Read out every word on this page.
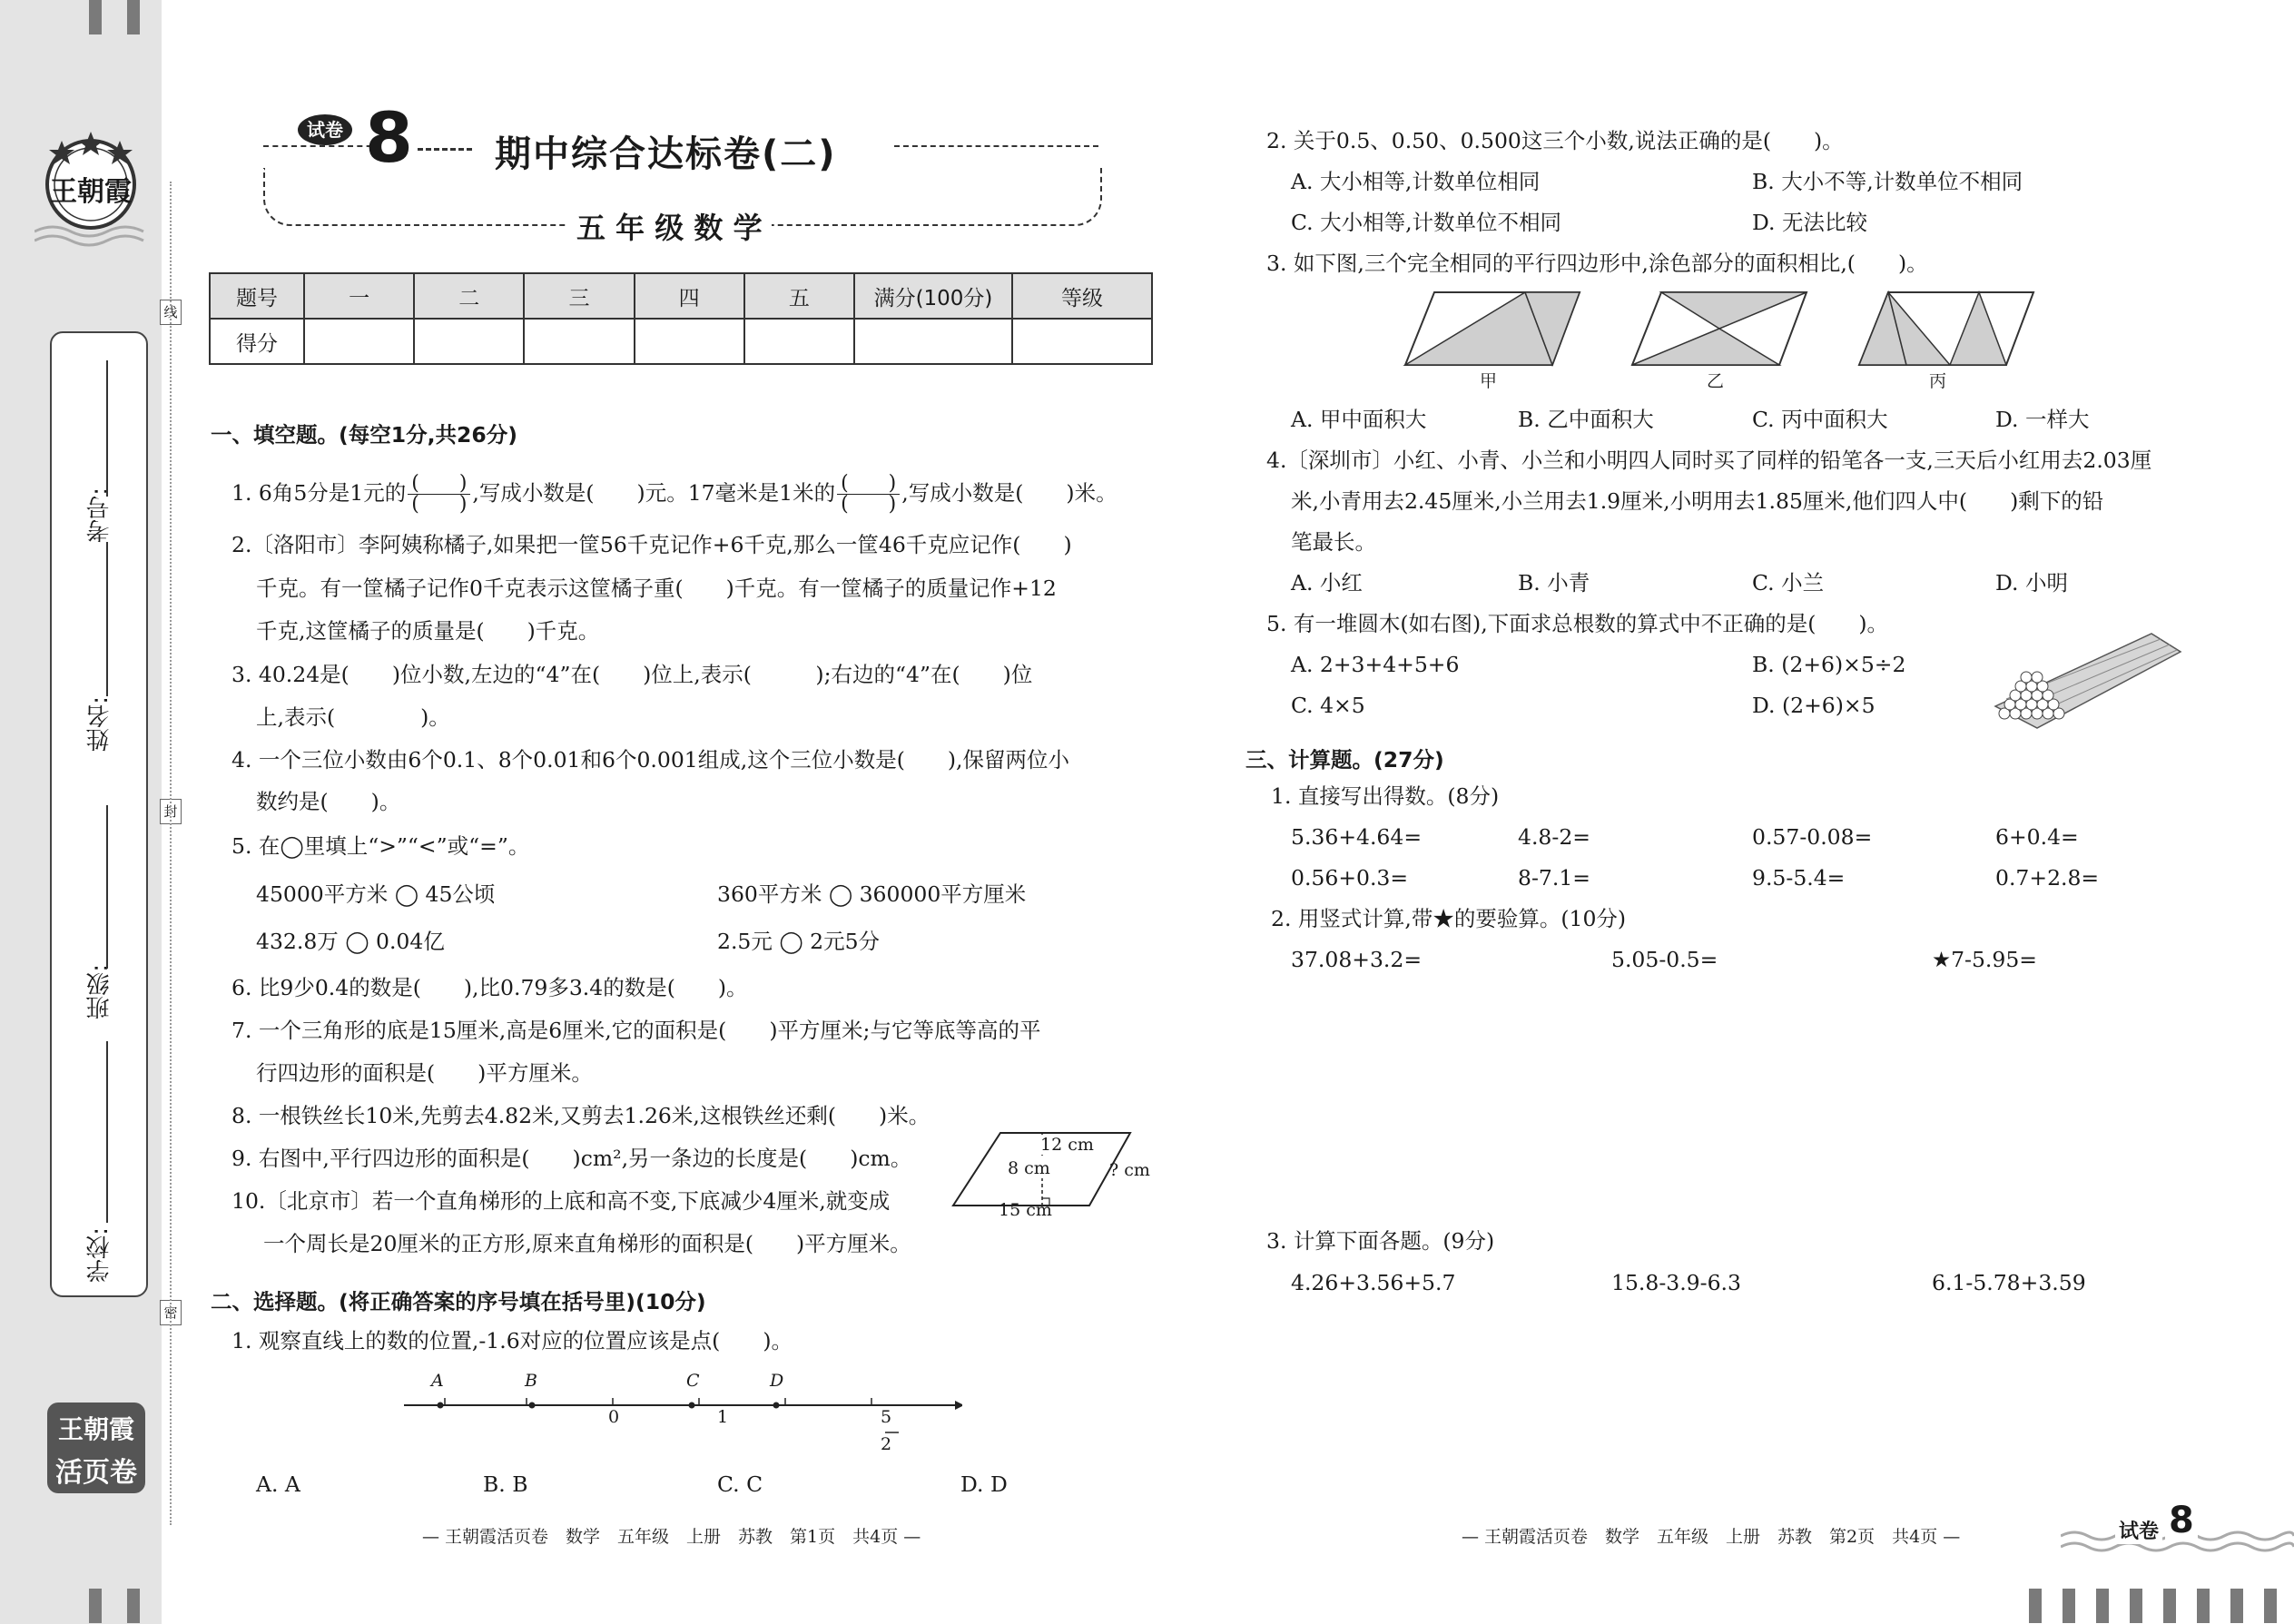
王朝霞
线
封
密
王朝霞
活页卷
考号:
姓名:
班级:
学校:
试卷 8 期中综合达标卷(二)
五 年 级 数 学
题号	一	二	三	四	五	满分(100分)	等级
得分							
一、填空题。(每空1分,共26分)
1. 6角5分是1元的 $\frac{( )}{( )}$ ,写成小数是(　　)元。17毫米是1米的 $\frac{( )}{( )}$ ,写成小数是(　　)米。
2.〔洛阳市〕李阿姨称橘子,如果把一筐56千克记作+6千克,那么一筐46千克应记作(　　)
千克。有一筐橘子记作0千克表示这筐橘子重(　　)千克。有一筐橘子的质量记作+12
千克,这筐橘子的质量是(　　)千克。
3. 40.24是(　　)位小数,左边的“4”在(　　)位上,表示(　　　);右边的“4”在(　　)位
上,表示(　　　　)。
4. 一个三位小数由6个0.1、8个0.01和6个0.001组成,这个三位小数是(　　),保留两位小
数约是(　　)。
5. 在◯里填上“>”“<”或“=”。
45000平方米 ◯ 45公顷	360平方米 ◯ 360000平方厘米
432.8万 ◯ 0.04亿	2.5元 ◯ 2元5分
6. 比9少0.4的数是(　　),比0.79多3.4的数是(　　)。
7. 一个三角形的底是15厘米,高是6厘米,它的面积是(　　)平方厘米;与它等底等高的平
行四边形的面积是(　　)平方厘米。
8. 一根铁丝长10米,先剪去4.82米,又剪去1.26米,这根铁丝还剩(　　)米。
9. 右图中,平行四边形的面积是(　　)cm²,另一条边的长度是(　　)cm。
10.〔北京市〕若一个直角梯形的上底和高不变,下底减少4厘米,就变成
一个周长是20厘米的正方形,原来直角梯形的面积是(　　)平方厘米。
12 cm
8 cm	? cm
15 cm
二、选择题。(将正确答案的序号填在括号里)(10分)
1. 观察直线上的数的位置,-1.6对应的位置应该是点(　　)。
A	B	C	D
0	1	5
2
A. A	B. B	C. C	D. D
— 王朝霞活页卷　数学　五年级　上册　苏教　第1页　共4页 —
2. 关于0.5、0.50、0.500这三个小数,说法正确的是(　　)。
A. 大小相等,计数单位相同	B. 大小不等,计数单位不相同
C. 大小相等,计数单位不相同	D. 无法比较
3. 如下图,三个完全相同的平行四边形中,涂色部分的面积相比,(　　)。
甲	乙	丙
A. 甲中面积大	B. 乙中面积大	C. 丙中面积大	D. 一样大
4.〔深圳市〕小红、小青、小兰和小明四人同时买了同样的铅笔各一支,三天后小红用去2.03厘
米,小青用去2.45厘米,小兰用去1.9厘米,小明用去1.85厘米,他们四人中(　　)剩下的铅
笔最长。
A. 小红	B. 小青	C. 小兰	D. 小明
5. 有一堆圆木(如右图),下面求总根数的算式中不正确的是(　　)。
A. 2+3+4+5+6	B. (2+6)×5÷2
C. 4×5	D. (2+6)×5
三、计算题。(27分)
1. 直接写出得数。(8分)
5.36+4.64=	4.8-2=	0.57-0.08=	6+0.4=
0.56+0.3=	8-7.1=	9.5-5.4=	0.7+2.8=
2. 用竖式计算,带★的要验算。(10分)
37.08+3.2=	5.05-0.5=	★7-5.95=
3. 计算下面各题。(9分)
4.26+3.56+5.7	15.8-3.9-6.3	6.1-5.78+3.59
— 王朝霞活页卷　数学　五年级　上册　苏教　第2页　共4页 —	试卷 8
